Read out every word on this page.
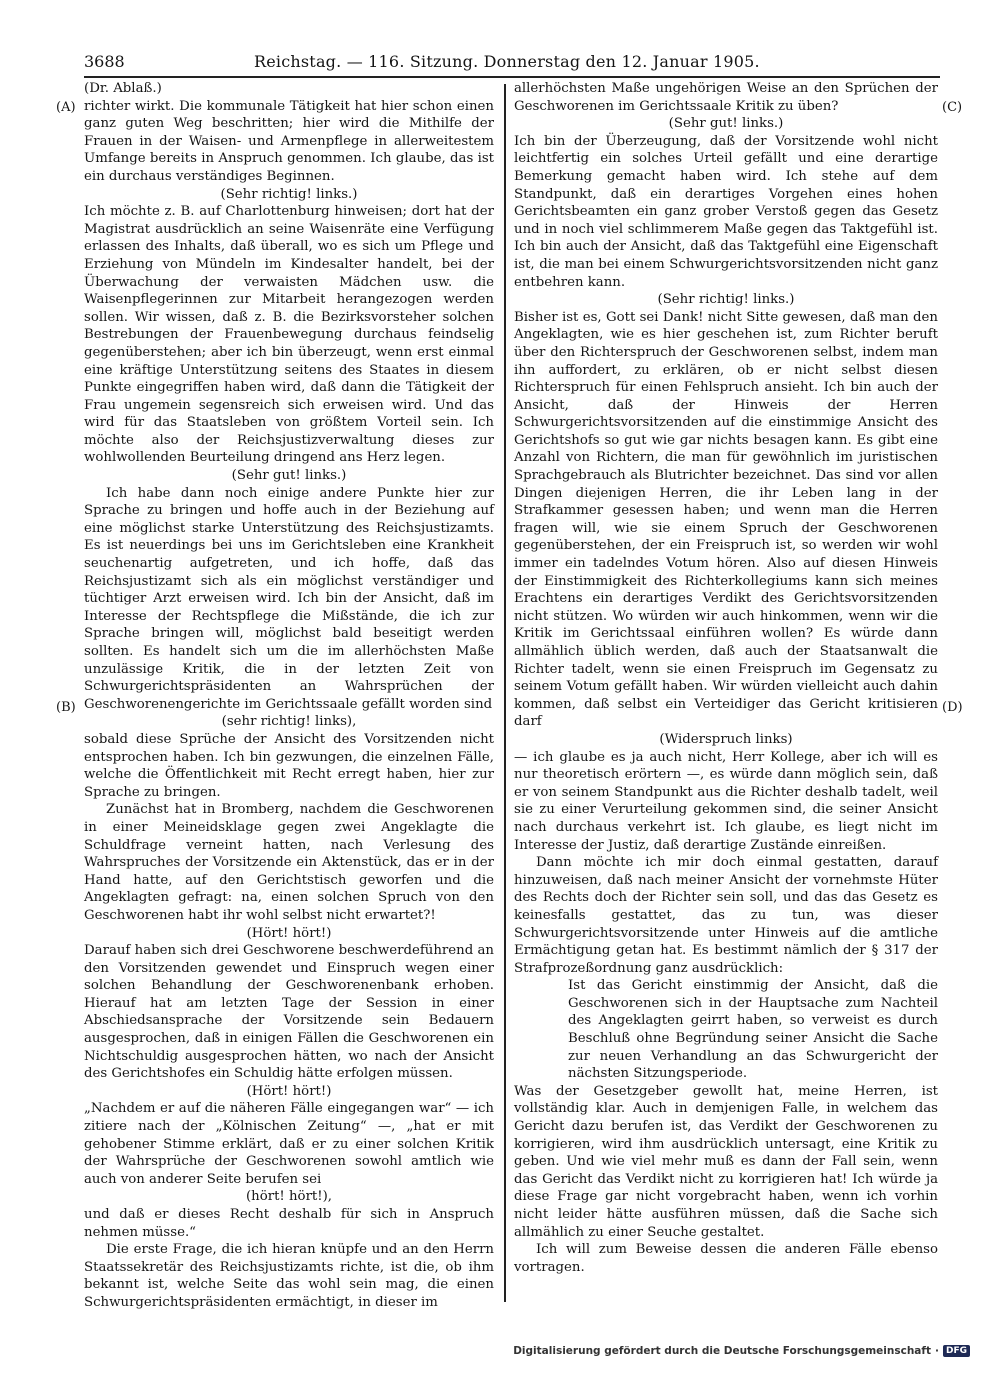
3688	Reichstag. — 116. Sitzung. Donnerstag den 12. Januar 1905.
(A)
(B)
(C)
(D)

(Dr. Ablaß.)

richter wirkt. Die kommunale Tätigkeit hat hier schon einen ganz guten Weg beschritten; hier wird die Mithilfe der Frauen in der Waisen- und Armenpflege in allerweitestem Umfange bereits in Anspruch genommen. Ich glaube, das ist ein durchaus verständiges Beginnen.

(Sehr richtig! links.)

Ich möchte z. B. auf Charlottenburg hinweisen; dort hat der Magistrat ausdrücklich an seine Waisenräte eine Verfügung erlassen des Inhalts, daß überall, wo es sich um Pflege und Erziehung von Mündeln im Kindesalter handelt, bei der Überwachung der verwaisten Mädchen usw. die Waisenpflegerinnen zur Mitarbeit herangezogen werden sollen. Wir wissen, daß z. B. die Bezirksvorsteher solchen Bestrebungen der Frauenbewegung durchaus feindselig gegenüberstehen; aber ich bin überzeugt, wenn erst einmal eine kräftige Unterstützung seitens des Staates in diesem Punkte eingegriffen haben wird, daß dann die Tätigkeit der Frau ungemein segensreich sich erweisen wird. Und das wird für das Staatsleben von größtem Vorteil sein. Ich möchte also der Reichsjustizverwaltung dieses zur wohlwollenden Beurteilung dringend ans Herz legen.

(Sehr gut! links.)

Ich habe dann noch einige andere Punkte hier zur Sprache zu bringen und hoffe auch in der Beziehung auf eine möglichst starke Unterstützung des Reichsjustizamts. Es ist neuerdings bei uns im Gerichtsleben eine Krankheit seuchenartig aufgetreten, und ich hoffe, daß das Reichsjustizamt sich als ein möglichst verständiger und tüchtiger Arzt erweisen wird. Ich bin der Ansicht, daß im Interesse der Rechtspflege die Mißstände, die ich zur Sprache bringen will, möglichst bald beseitigt werden sollten. Es handelt sich um die im allerhöchsten Maße unzulässige Kritik, die in der letzten Zeit von Schwurgerichtspräsidenten an Wahrsprüchen der Geschworenengerichte im Gerichtssaale gefällt worden sind

(sehr richtig! links),

sobald diese Sprüche der Ansicht des Vorsitzenden nicht entsprochen haben. Ich bin gezwungen, die einzelnen Fälle, welche die Öffentlichkeit mit Recht erregt haben, hier zur Sprache zu bringen.

Zunächst hat in Bromberg, nachdem die Geschworenen in einer Meineidsklage gegen zwei Angeklagte die Schuldfrage verneint hatten, nach Verlesung des Wahrspruches der Vorsitzende ein Aktenstück, das er in der Hand hatte, auf den Gerichtstisch geworfen und die Angeklagten gefragt: na, einen solchen Spruch von den Geschworenen habt ihr wohl selbst nicht erwartet?!

(Hört! hört!)

Darauf haben sich drei Geschworene beschwerdeführend an den Vorsitzenden gewendet und Einspruch wegen einer solchen Behandlung der Geschworenenbank erhoben. Hierauf hat am letzten Tage der Session in einer Abschiedsansprache der Vorsitzende sein Bedauern ausgesprochen, daß in einigen Fällen die Geschworenen ein Nichtschuldig ausgesprochen hätten, wo nach der Ansicht des Gerichtshofes ein Schuldig hätte erfolgen müssen.

(Hört! hört!)

„Nachdem er auf die näheren Fälle eingegangen war“ — ich zitiere nach der „Kölnischen Zeitung“ —, „hat er mit gehobener Stimme erklärt, daß er zu einer solchen Kritik der Wahrsprüche der Geschworenen sowohl amtlich wie auch von anderer Seite berufen sei

(hört! hört!),

und daß er dieses Recht deshalb für sich in Anspruch nehmen müsse.“

Die erste Frage, die ich hieran knüpfe und an den Herrn Staatssekretär des Reichsjustizamts richte, ist die, ob ihm bekannt ist, welche Seite das wohl sein mag, die einen Schwurgerichtspräsidenten ermächtigt, in dieser im

allerhöchsten Maße ungehörigen Weise an den Sprüchen der Geschworenen im Gerichtssaale Kritik zu üben?

(Sehr gut! links.)

Ich bin der Überzeugung, daß der Vorsitzende wohl nicht leichtfertig ein solches Urteil gefällt und eine derartige Bemerkung gemacht haben wird. Ich stehe auf dem Standpunkt, daß ein derartiges Vorgehen eines hohen Gerichtsbeamten ein ganz grober Verstoß gegen das Gesetz und in noch viel schlimmerem Maße gegen das Taktgefühl ist. Ich bin auch der Ansicht, daß das Taktgefühl eine Eigenschaft ist, die man bei einem Schwurgerichtsvorsitzenden nicht ganz entbehren kann.

(Sehr richtig! links.)

Bisher ist es, Gott sei Dank! nicht Sitte gewesen, daß man den Angeklagten, wie es hier geschehen ist, zum Richter beruft über den Richterspruch der Geschworenen selbst, indem man ihn auffordert, zu erklären, ob er nicht selbst diesen Richterspruch für einen Fehlspruch ansieht. Ich bin auch der Ansicht, daß der Hinweis der Herren Schwurgerichtsvorsitzenden auf die einstimmige Ansicht des Gerichtshofs so gut wie gar nichts besagen kann. Es gibt eine Anzahl von Richtern, die man für gewöhnlich im juristischen Sprachgebrauch als Blutrichter bezeichnet. Das sind vor allen Dingen diejenigen Herren, die ihr Leben lang in der Strafkammer gesessen haben; und wenn man die Herren fragen will, wie sie einem Spruch der Geschworenen gegenüberstehen, der ein Freispruch ist, so werden wir wohl immer ein tadelndes Votum hören. Also auf diesen Hinweis der Einstimmigkeit des Richterkollegiums kann sich meines Erachtens ein derartiges Verdikt des Gerichtsvorsitzenden nicht stützen. Wo würden wir auch hinkommen, wenn wir die Kritik im Gerichtssaal einführen wollen? Es würde dann allmählich üblich werden, daß auch der Staatsanwalt die Richter tadelt, wenn sie einen Freispruch im Gegensatz zu seinem Votum gefällt haben. Wir würden vielleicht auch dahin kommen, daß selbst ein Verteidiger das Gericht kritisieren darf

(Widerspruch links)

— ich glaube es ja auch nicht, Herr Kollege, aber ich will es nur theoretisch erörtern —, es würde dann möglich sein, daß er von seinem Standpunkt aus die Richter deshalb tadelt, weil sie zu einer Verurteilung gekommen sind, die seiner Ansicht nach durchaus verkehrt ist. Ich glaube, es liegt nicht im Interesse der Justiz, daß derartige Zustände einreißen.

Dann möchte ich mir doch einmal gestatten, darauf hinzuweisen, daß nach meiner Ansicht der vornehmste Hüter des Rechts doch der Richter sein soll, und das das Gesetz es keinesfalls gestattet, das zu tun, was dieser Schwurgerichtsvorsitzende unter Hinweis auf die amtliche Ermächtigung getan hat. Es bestimmt nämlich der § 317 der Strafprozeßordnung ganz ausdrücklich:

Ist das Gericht einstimmig der Ansicht, daß die Geschworenen sich in der Hauptsache zum Nachteil des Angeklagten geirrt haben, so verweist es durch Beschluß ohne Begründung seiner Ansicht die Sache zur neuen Verhandlung an das Schwurgericht der nächsten Sitzungsperiode.

Was der Gesetzgeber gewollt hat, meine Herren, ist vollständig klar. Auch in demjenigen Falle, in welchem das Gericht dazu berufen ist, das Verdikt der Geschworenen zu korrigieren, wird ihm ausdrücklich untersagt, eine Kritik zu geben. Und wie viel mehr muß es dann der Fall sein, wenn das Gericht das Verdikt nicht zu korrigieren hat! Ich würde ja diese Frage gar nicht vorgebracht haben, wenn ich vorhin nicht leider hätte ausführen müssen, daß die Sache sich allmählich zu einer Seuche gestaltet.

Ich will zum Beweise dessen die anderen Fälle ebenso vortragen.

Digitalisierung gefördert durch die Deutsche Forschungsgemeinschaft · DFG
